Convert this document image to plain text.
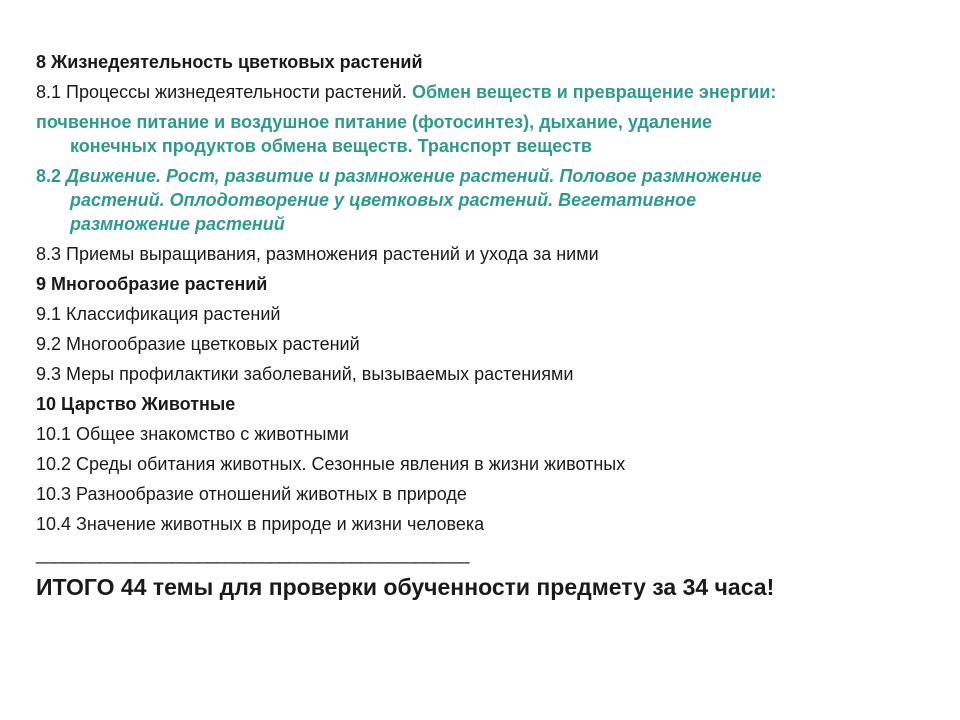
8 Жизнедеятельность цветковых растений

8.1 Процессы жизнедеятельности растений. Обмен веществ и превращение энергии:

почвенное питание и воздушное питание (фотосинтез), дыхание, удаление
конечных продуктов обмена веществ. Транспорт веществ

8.2 Движение. Рост, развитие и размножение растений. Половое размножение
растений. Оплодотворение у цветковых растений. Вегетативное
размножение растений

8.3 Приемы выращивания, размножения растений и ухода за ними

9 Многообразие растений

9.1 Классификация растений

9.2 Многообразие цветковых растений

9.3 Меры профилактики заболеваний, вызываемых растениями

10 Царство Животные

10.1 Общее знакомство с животными

10.2 Среды обитания животных. Сезонные явления в жизни животных

10.3 Разнообразие отношений животных в природе

10.4 Значение животных в природе и жизни человека

________________________________________________

ИТОГО 44 темы для проверки обученности предмету за 34 часа!
